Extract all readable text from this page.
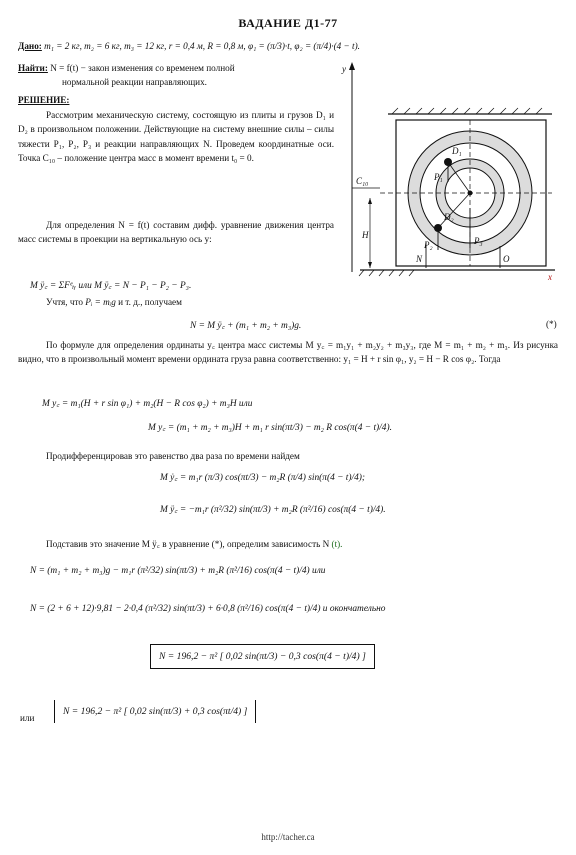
ВАДАНИЕ Д1-77
Дано: m₁ = 2 кг, m₂ = 6 кг, m₃ = 12 кг, r = 0,4 м, R = 0,8 м, φ₁ = (π/3)·t, φ₂ = (π/4)·(4 − t).
Найти: N = f(t) − закон изменения со временем полной
нормальной реакции направляющих.
РЕШЕНИЕ:
Рассмотрим механическую систему, состоящую из плиты и грузов D₁ и D₂ в произвольном положении. Действующие на систему внешние силы – силы тяжести P₁, P₂, P₃ и реакции направляющих N. Проведем координатные оси. Точка C₁₀ – положение центра масс в момент времени t₀ = 0.
Для определения N = f(t) составим дифф. уравнение движения центра масс системы в проекции на вертикальную ось y:
M ÿ꜀ = ΣFᵉᵢᵧ или M ÿ꜀ = N − P₁ − P₂ − P₃.
Учтя, что Pᵢ = mᵢg и т. д., получаем
N = M ÿ꜀ + (m₁ + m₂ + m₃)g.	(*)
По формуле для определения ординаты y꜀ центра масс системы M y꜀ = m₁y₁ + m₂y₂ + m₃y₃, где M = m₁ + m₂ + m₃. Из рисунка видно, что в произвольный момент времени ордината груза равна соответственно: y₁ = H + r sin φ₁, y₂ = H − R cos φ₂. Тогда
M y꜀ = m₁(H + r sin φ₁) + m₂(H − R cos φ₂) + m₃H или
M y꜀ = (m₁ + m₂ + m₃)H + m₁ r sin(πt/3) − m₂ R cos(π(4 − t)/4).
Продифференцировав это равенство два раза по времени найдем
M ẏ꜀ = m₁r (π/3) cos(πt/3) − m₂R (π/4) sin(π(4 − t)/4);
M ÿ꜀ = −m₁r (π²/32) sin(πt/3) + m₂R (π²/16) cos(π(4 − t)/4).
Подставив это значение M ÿ꜀ в уравнение (*), определим зависимость N (t).
N = (m₁ + m₂ + m₃)g − m₁r (π²/32) sin(πt/3) + m₂R (π²/16) cos(π(4 − t)/4) или
N = (2 + 6 + 12)·9,81 − 2·0,4 (π²/32) sin(πt/3) + 6·0,8 (π²/16) cos(π(4 − t)/4) и окончательно
N = 196,2 − π² [ 0,02 sin(πt/3) − 0,3 cos(π(4 − t)/4) ]
или
N = 196,2 − π² [ 0,02 sin(πt/3) + 0,3 cos(πt/4) ]
y
C₁₀
H
P₁
P₂	P₃
N	O
x
D₁
D₂
http://tacher.ca
